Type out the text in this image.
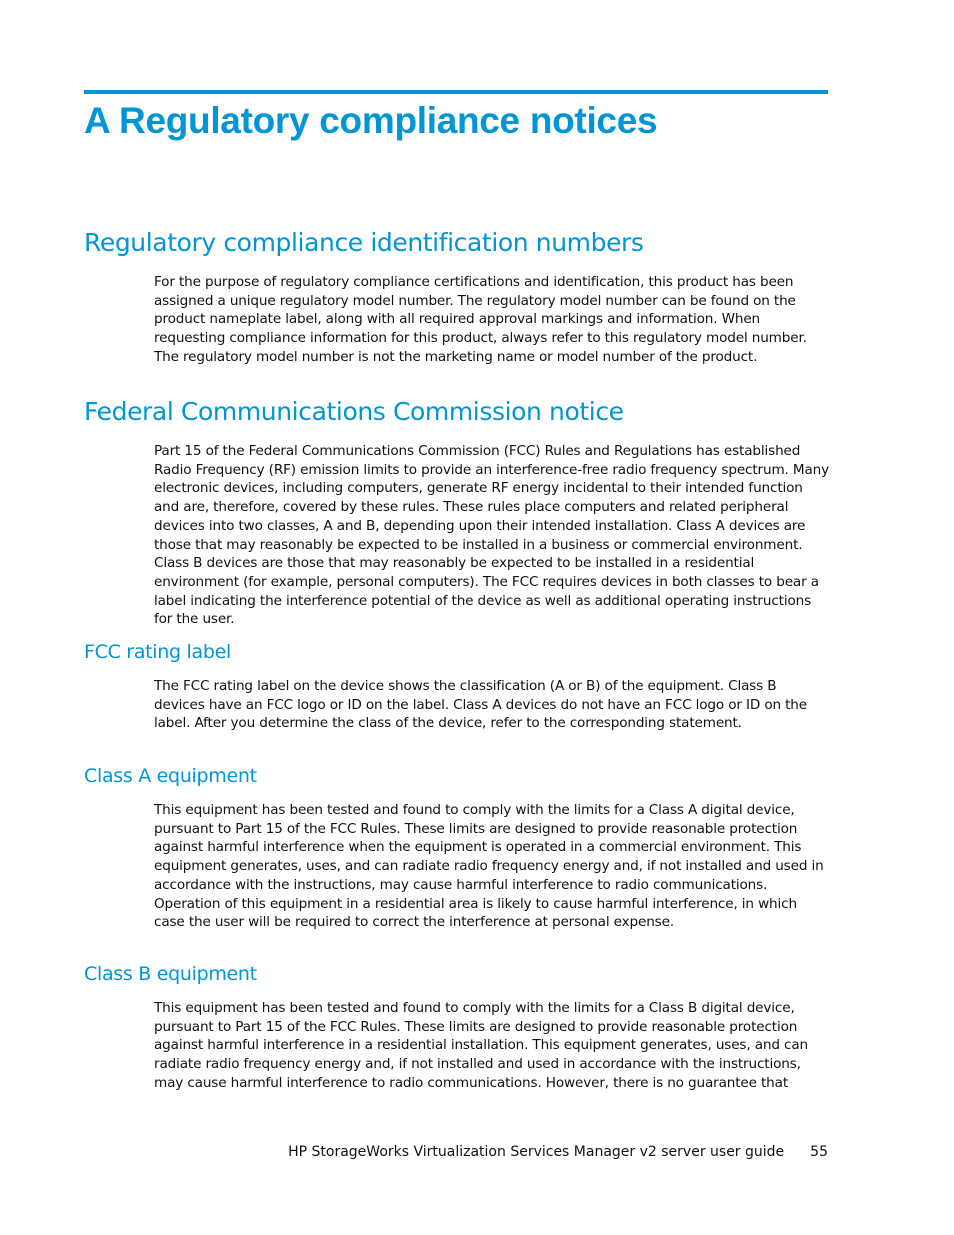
A Regulatory compliance notices
Regulatory compliance identification numbers

For the purpose of regulatory compliance certifications and identification, this product has been assigned a unique regulatory model number. The regulatory model number can be found on the product nameplate label, along with all required approval markings and information. When requesting compliance information for this product, always refer to this regulatory model number. The regulatory model number is not the marketing name or model number of the product.

Federal Communications Commission notice

Part 15 of the Federal Communications Commission (FCC) Rules and Regulations has established Radio Frequency (RF) emission limits to provide an interference-free radio frequency spectrum. Many electronic devices, including computers, generate RF energy incidental to their intended function and are, therefore, covered by these rules. These rules place computers and related peripheral devices into two classes, A and B, depending upon their intended installation. Class A devices are those that may reasonably be expected to be installed in a business or commercial environment. Class B devices are those that may reasonably be expected to be installed in a residential environment (for example, personal computers). The FCC requires devices in both classes to bear a label indicating the interference potential of the device as well as additional operating instructions for the user.

FCC rating label

The FCC rating label on the device shows the classification (A or B) of the equipment. Class B devices have an FCC logo or ID on the label. Class A devices do not have an FCC logo or ID on the label. After you determine the class of the device, refer to the corresponding statement.

Class A equipment

This equipment has been tested and found to comply with the limits for a Class A digital device, pursuant to Part 15 of the FCC Rules. These limits are designed to provide reasonable protection against harmful interference when the equipment is operated in a commercial environment. This equipment generates, uses, and can radiate radio frequency energy and, if not installed and used in accordance with the instructions, may cause harmful interference to radio communications. Operation of this equipment in a residential area is likely to cause harmful interference, in which case the user will be required to correct the interference at personal expense.

Class B equipment

This equipment has been tested and found to comply with the limits for a Class B digital device, pursuant to Part 15 of the FCC Rules. These limits are designed to provide reasonable protection against harmful interference in a residential installation. This equipment generates, uses, and can radiate radio frequency energy and, if not installed and used in accordance with the instructions, may cause harmful interference to radio communications. However, there is no guarantee that

HP StorageWorks Virtualization Services Manager v2 server user guide 55
